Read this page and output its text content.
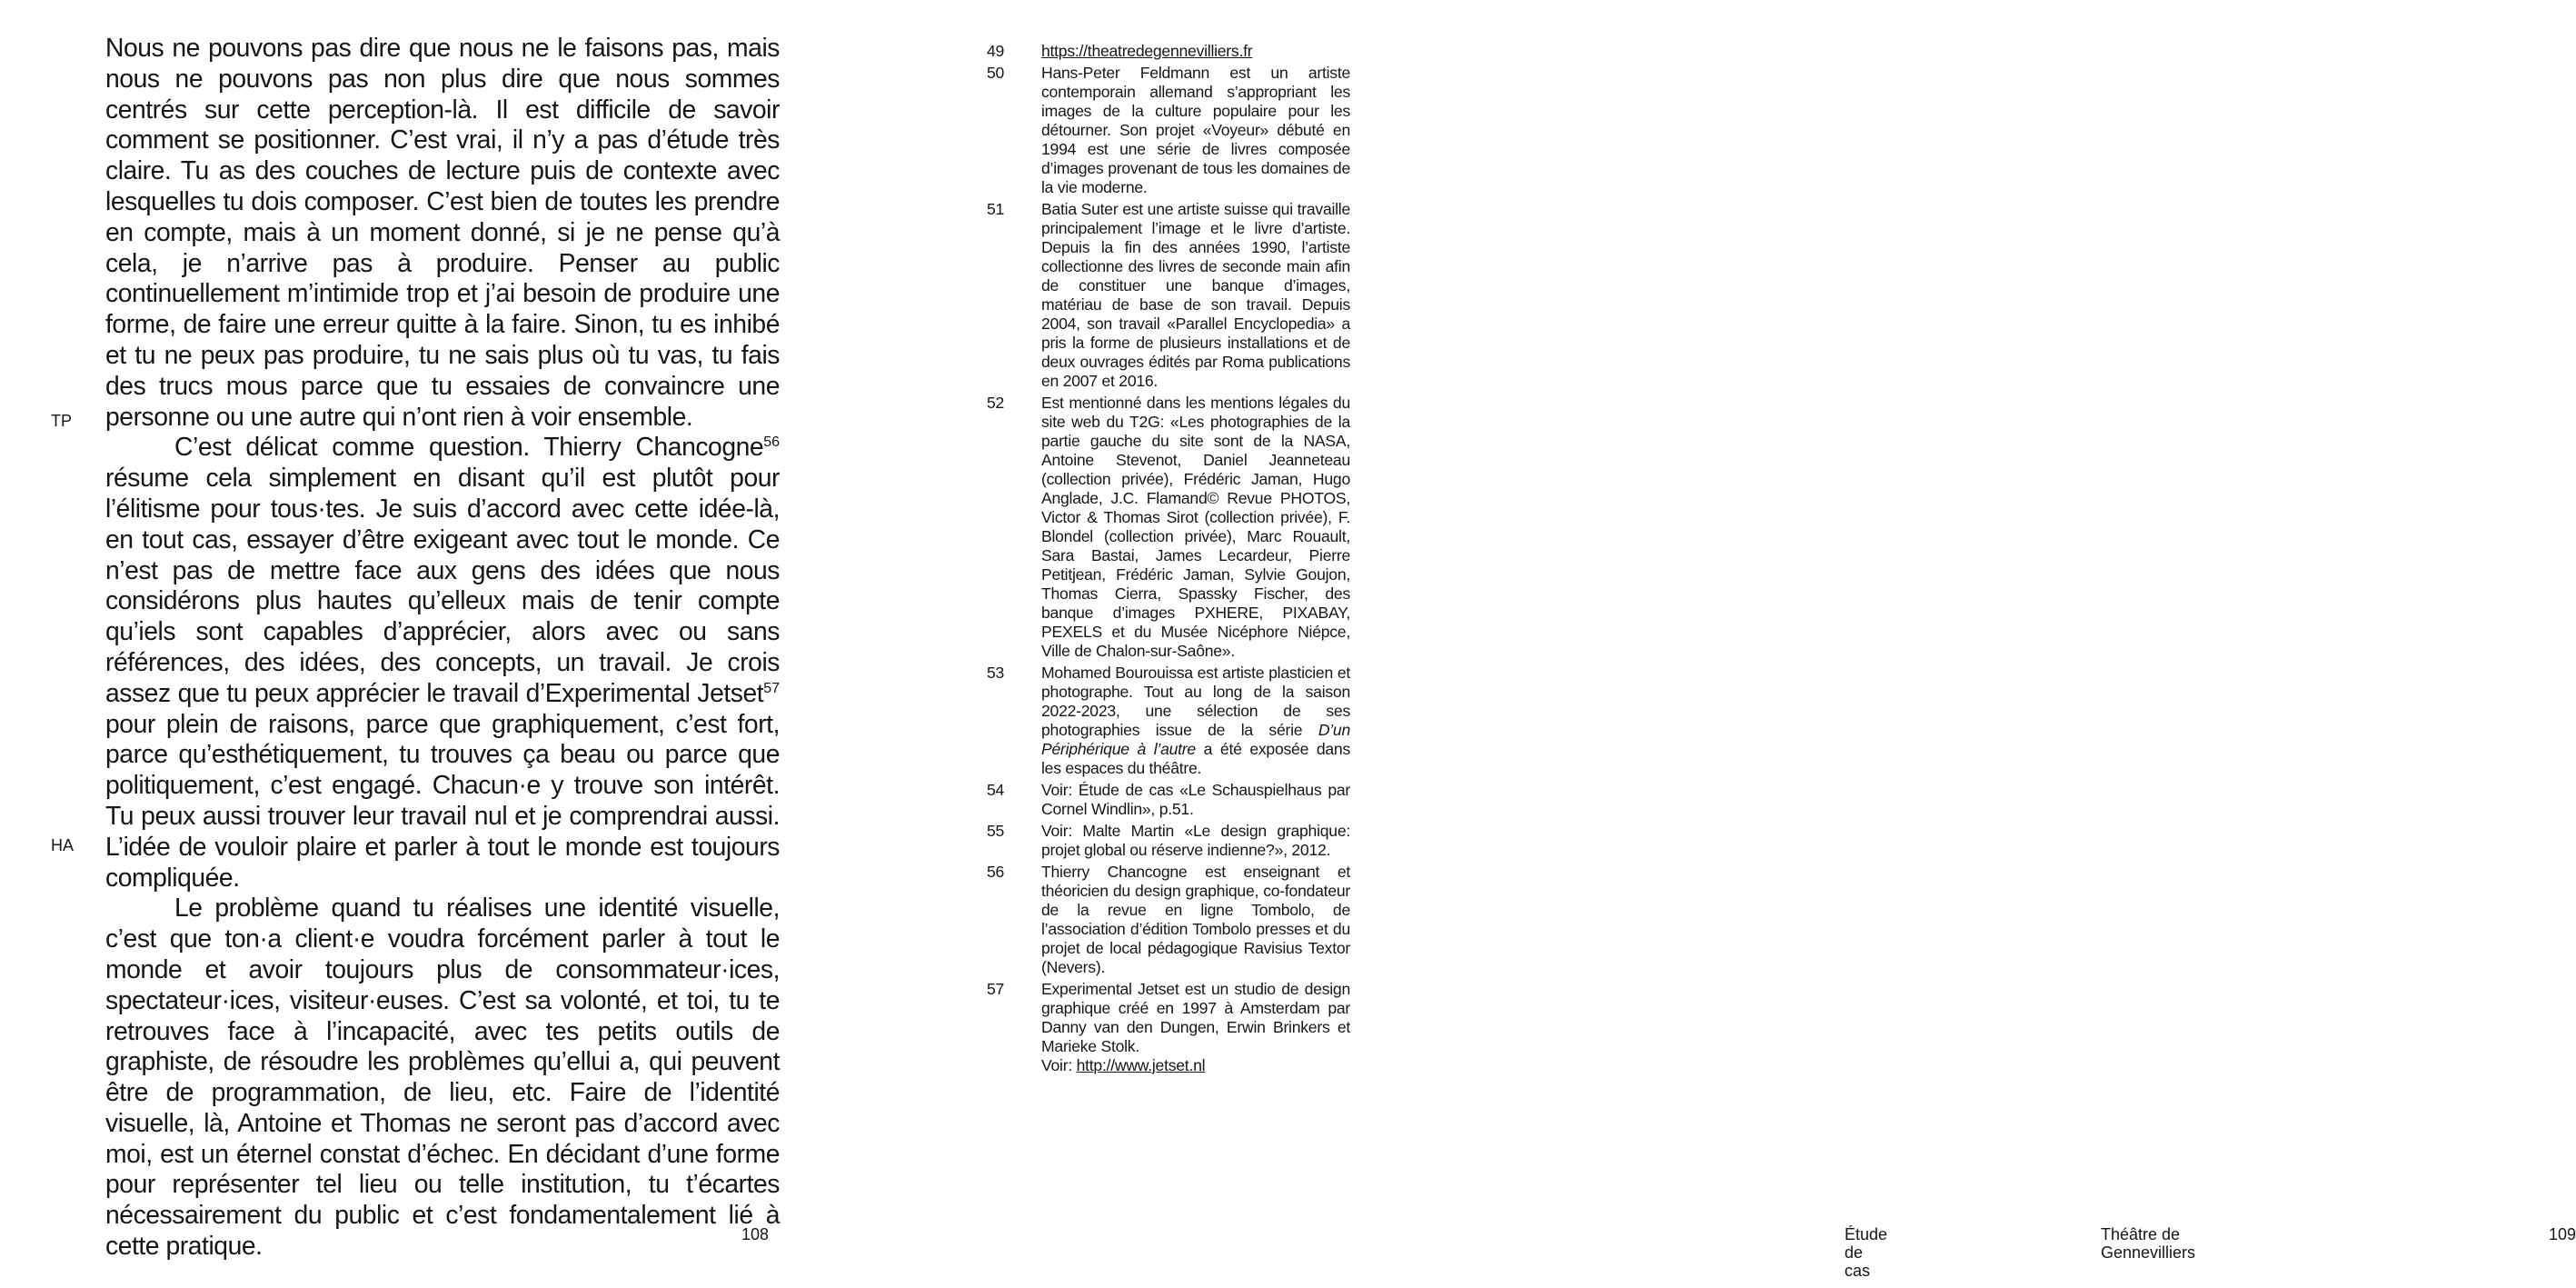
Nous ne pouvons pas dire que nous ne le faisons pas, mais nous ne pouvons pas non plus dire que nous sommes centrés sur cette perception-là. Il est difficile de savoir comment se positionner. C’est vrai, il n’y a pas d’étude très claire. Tu as des couches de lecture puis de contexte avec lesquelles tu dois composer. C’est bien de toutes les prendre en compte, mais à un moment donné, si je ne pense qu’à cela, je n’arrive pas à produire. Penser au public continuellement m’intimide trop et j’ai besoin de produire une forme, de faire une erreur quitte à la faire. Sinon, tu es inhibé et tu ne peux pas produire, tu ne sais plus où tu vas, tu fais des trucs mous parce que tu essaies de convaincre une personne ou une autre qui n’ont rien à voir ensemble.

C’est délicat comme question. Thierry Chancogne$^{56}$ résume cela simplement en disant qu’il est plutôt pour l’élitisme pour tous·tes. Je suis d’accord avec cette idée-là, en tout cas, essayer d’être exigeant avec tout le monde. Ce n’est pas de mettre face aux gens des idées que nous considérons plus hautes qu’elleux mais de tenir compte qu’iels sont capables d’apprécier, alors avec ou sans références, des idées, des concepts, un travail. Je crois assez que tu peux apprécier le travail d’Experimental Jetset$^{57}$ pour plein de raisons, parce que graphiquement, c’est fort, parce qu’esthétiquement, tu trouves ça beau ou parce que politiquement, c’est engagé. Chacun·e y trouve son intérêt. Tu peux aussi trouver leur travail nul et je comprendrai aussi. L’idée de vouloir plaire et parler à tout le monde est toujours compliquée.

Le problème quand tu réalises une identité visuelle, c’est que ton·a client·e voudra forcément parler à tout le monde et avoir toujours plus de consommateur·ices, spectateur·ices, visiteur·euses. C’est sa volonté, et toi, tu te retrouves face à l’incapacité, avec tes petits outils de graphiste, de résoudre les problèmes qu’ellui a, qui peuvent être de programmation, de lieu, etc. Faire de l’identité visuelle, là, Antoine et Thomas ne seront pas d’accord avec moi, est un éternel constat d’échec. En décidant d’une forme pour représenter tel lieu ou telle institution, tu t’écartes nécessairement du public et c’est fondamentalement lié à cette pratique.

TP
HA
108
49	https://theatredegennevilliers.fr
50	Hans-Peter Feldmann est un artiste contemporain allemand s’appropriant les images de la culture populaire pour les détourner. Son projet «Voyeur» débuté en 1994 est une série de livres composée d’images provenant de tous les domaines de la vie moderne.
51	Batia Suter est une artiste suisse qui travaille principalement l’image et le livre d’artiste. Depuis la fin des années 1990, l’artiste collectionne des livres de seconde main afin de constituer une banque d’images, matériau de base de son travail. Depuis 2004, son travail «Parallel Encyclopedia» a pris la forme de plusieurs installations et de deux ouvrages édités par Roma publications en 2007 et 2016.
52	Est mentionné dans les mentions légales du site web du T2G: «Les photographies de la partie gauche du site sont de la NASA, Antoine Stevenot, Daniel Jeanneteau (collection privée), Frédéric Jaman, Hugo Anglade, J.C. Flamand© Revue PHOTOS, Victor & Thomas Sirot (collection privée), F. Blondel (collection privée), Marc Rouault, Sara Bastai, James Lecardeur, Pierre Petitjean, Frédéric Jaman, Sylvie Goujon, Thomas Cierra, Spassky Fischer, des banque d’images PXHERE, PIXABAY, PEXELS et du Musée Nicéphore Niépce, Ville de Chalon-sur-Saône».
53	Mohamed Bourouissa est artiste plasticien et photographe. Tout au long de la saison 2022-2023, une sélection de ses photographies issue de la série D’un Périphérique à l’autre a été exposée dans les espaces du théâtre.
54	Voir: Étude de cas «Le Schauspielhaus par Cornel Windlin», p.51.
55	Voir: Malte Martin «Le design graphique: projet global ou réserve indienne?», 2012.
56	Thierry Chancogne est enseignant et théoricien du design graphique, co-fondateur de la revue en ligne Tombolo, de l’association d’édition Tombolo presses et du projet de local pédagogique Ravisius Textor (Nevers).
57	Experimental Jetset est un studio de design graphique créé en 1997 à Amsterdam par Danny van den Dungen, Erwin Brinkers et Marieke Stolk.
Voir: http://www.jetset.nl
Étude de cas
Théâtre de Gennevilliers
109
